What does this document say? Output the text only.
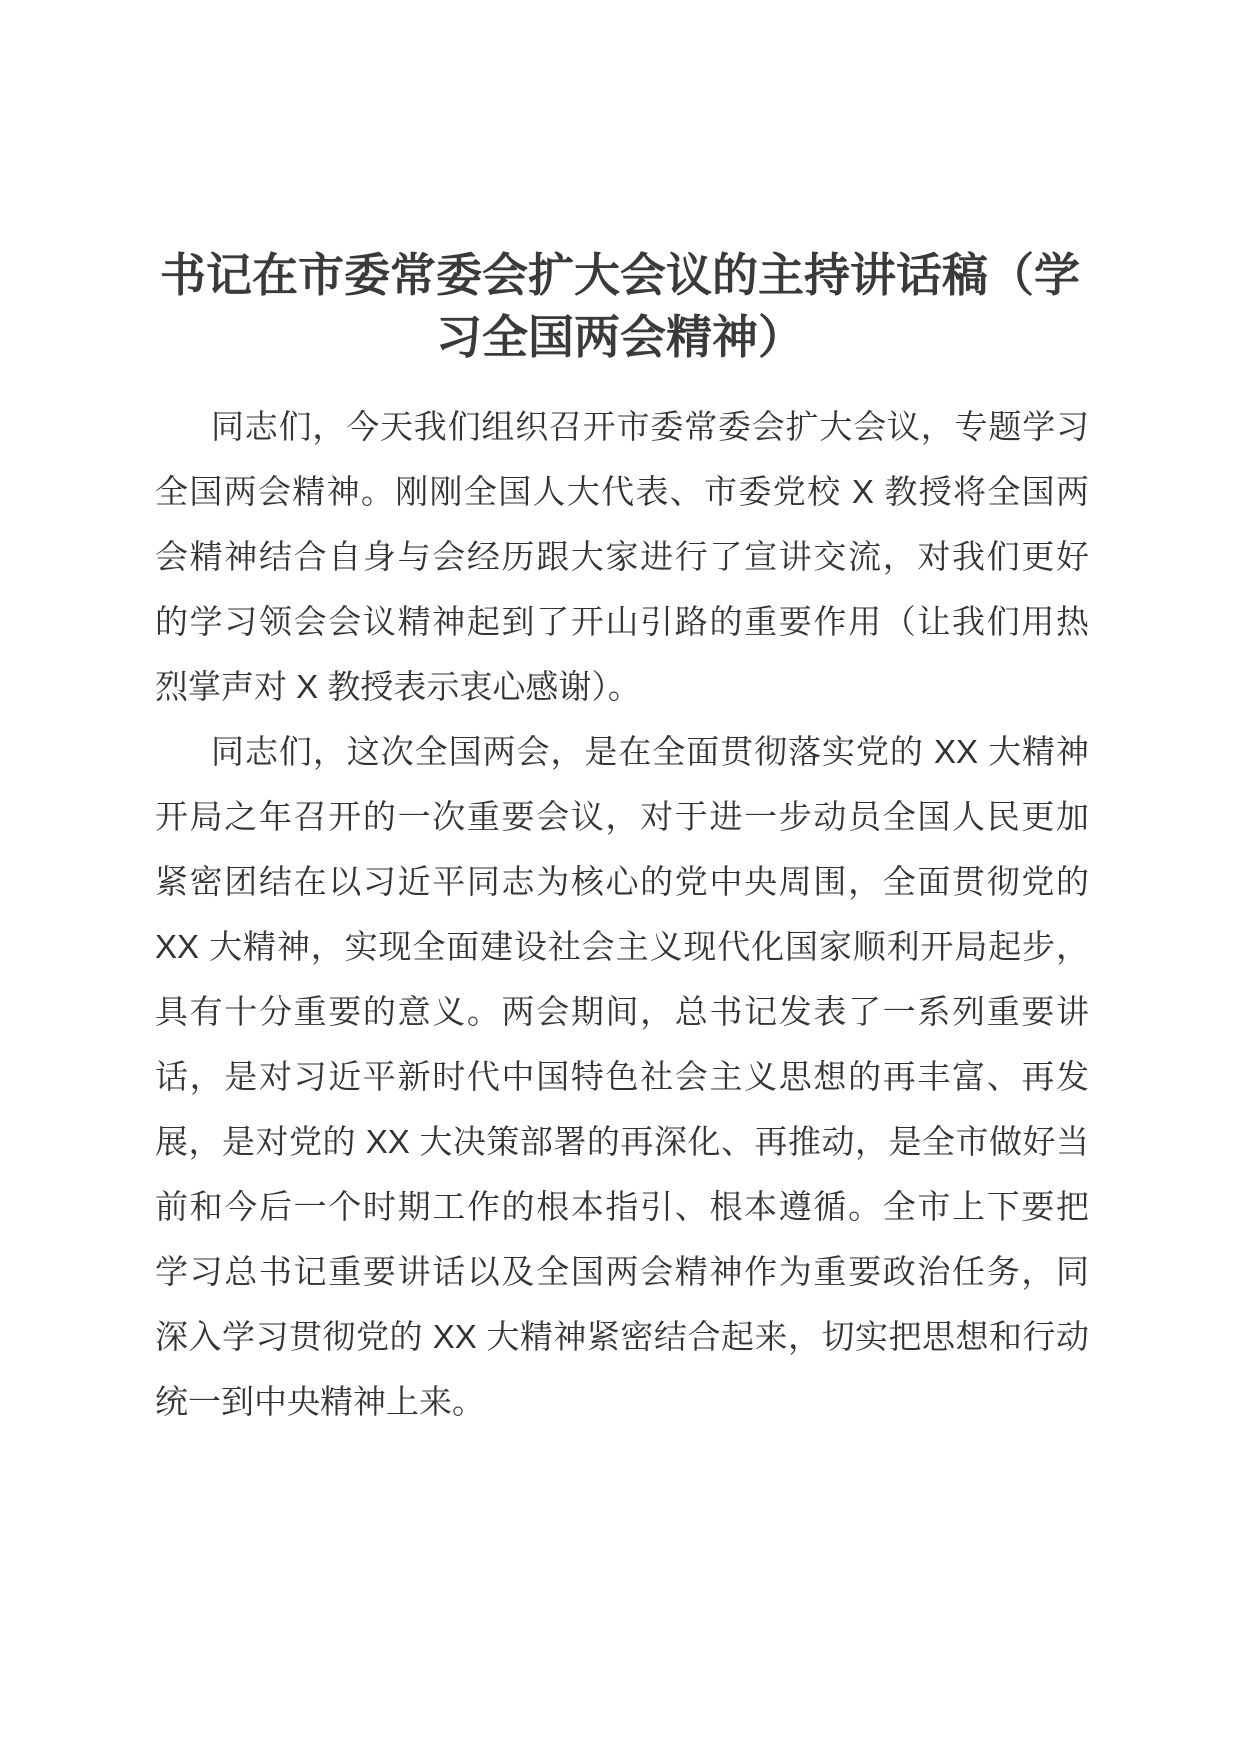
书记在市委常委会扩大会议的主持讲话稿（学
习全国两会精神）
同志们，今天我们组织召开市委常委会扩大会议，专题学习
全国两会精神。刚刚全国人大代表、市委党校 X 教授将全国两
会精神结合自身与会经历跟大家进行了宣讲交流，对我们更好
的学习领会会议精神起到了开山引路的重要作用（让我们用热
烈掌声对 X 教授表示衷心感谢）。
同志们，这次全国两会，是在全面贯彻落实党的 XX 大精神
开局之年召开的一次重要会议，对于进一步动员全国人民更加
紧密团结在以习近平同志为核心的党中央周围，全面贯彻党的
XX 大精神，实现全面建设社会主义现代化国家顺利开局起步，
具有十分重要的意义。两会期间，总书记发表了一系列重要讲
话，是对习近平新时代中国特色社会主义思想的再丰富、再发
展，是对党的 XX 大决策部署的再深化、再推动，是全市做好当
前和今后一个时期工作的根本指引、根本遵循。全市上下要把
学习总书记重要讲话以及全国两会精神作为重要政治任务，同
深入学习贯彻党的 XX 大精神紧密结合起来，切实把思想和行动
统一到中央精神上来。
